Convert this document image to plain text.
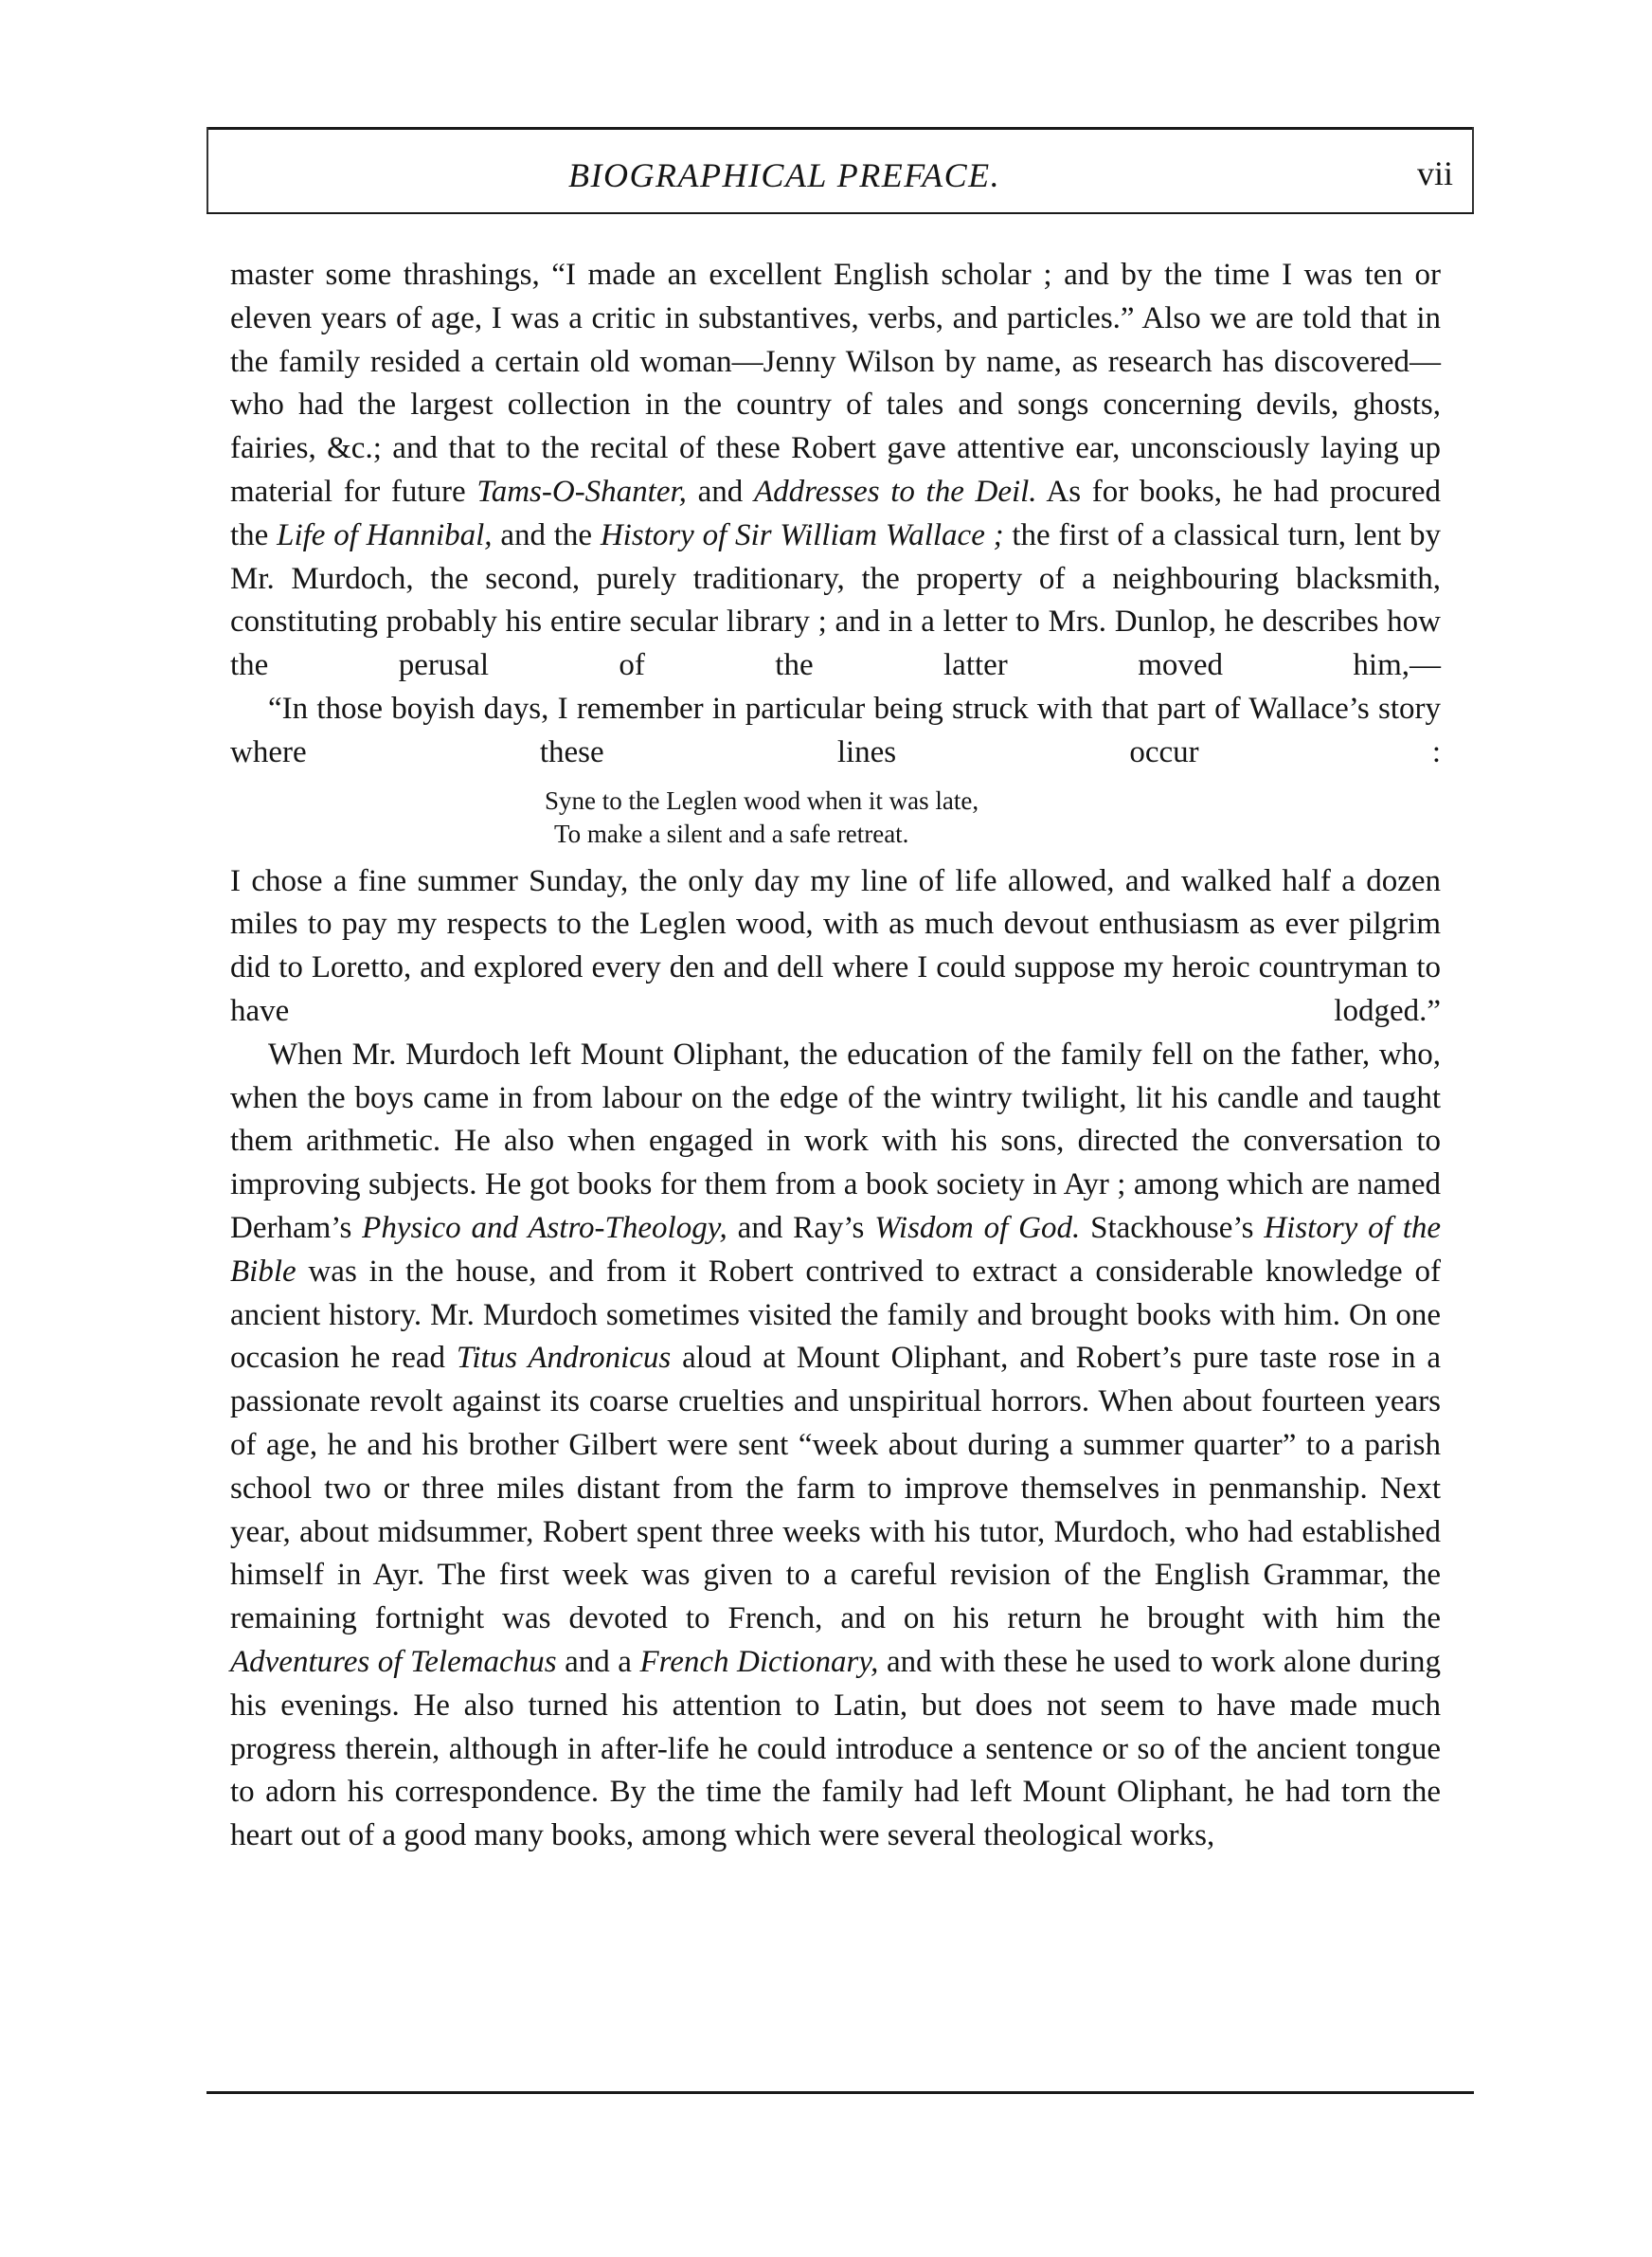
BIOGRAPHICAL PREFACE.	vii

master some thrashings, “I made an excellent English scholar ; and by the time I was ten or eleven years of age, I was a critic in substantives, verbs, and particles.” Also we are told that in the family resided a certain old woman—Jenny Wilson by name, as research has discovered—who had the largest collection in the country of tales and songs concerning devils, ghosts, fairies, &c.; and that to the recital of these Robert gave attentive ear, unconsciously laying up material for future Tams-O-Shanter, and Addresses to the Deil. As for books, he had procured the Life of Hannibal, and the History of Sir William Wallace ; the first of a classical turn, lent by Mr. Murdoch, the second, purely traditionary, the property of a neighbouring blacksmith, constituting probably his entire secular library ; and in a letter to Mrs. Dunlop, he describes how the perusal of the latter moved him,—

“In those boyish days, I remember in particular being struck with that part of Wallace’s story where these lines occur :

Syne to the Leglen wood when it was late,
To make a silent and a safe retreat.

I chose a fine summer Sunday, the only day my line of life allowed, and walked half a dozen miles to pay my respects to the Leglen wood, with as much devout enthusiasm as ever pilgrim did to Loretto, and explored every den and dell where I could suppose my heroic countryman to have lodged.”

When Mr. Murdoch left Mount Oliphant, the education of the family fell on the father, who, when the boys came in from labour on the edge of the wintry twilight, lit his candle and taught them arithmetic. He also when engaged in work with his sons, directed the conversation to improving subjects. He got books for them from a book society in Ayr ; among which are named Derham’s Physico and Astro-Theology, and Ray’s Wisdom of God. Stackhouse’s History of the Bible was in the house, and from it Robert contrived to extract a considerable knowledge of ancient history. Mr. Murdoch sometimes visited the family and brought books with him. On one occasion he read Titus Andronicus aloud at Mount Oliphant, and Robert’s pure taste rose in a passionate revolt against its coarse cruelties and unspiritual horrors. When about fourteen years of age, he and his brother Gilbert were sent “week about during a summer quarter” to a parish school two or three miles distant from the farm to improve themselves in penmanship. Next year, about midsummer, Robert spent three weeks with his tutor, Murdoch, who had established himself in Ayr. The first week was given to a careful revision of the English Grammar, the remaining fortnight was devoted to French, and on his return he brought with him the Adventures of Telemachus and a French Dictionary, and with these he used to work alone during his evenings. He also turned his attention to Latin, but does not seem to have made much progress therein, although in after-life he could introduce a sentence or so of the ancient tongue to adorn his correspondence. By the time the family had left Mount Oliphant, he had torn the heart out of a good many books, among which were several theological works,
